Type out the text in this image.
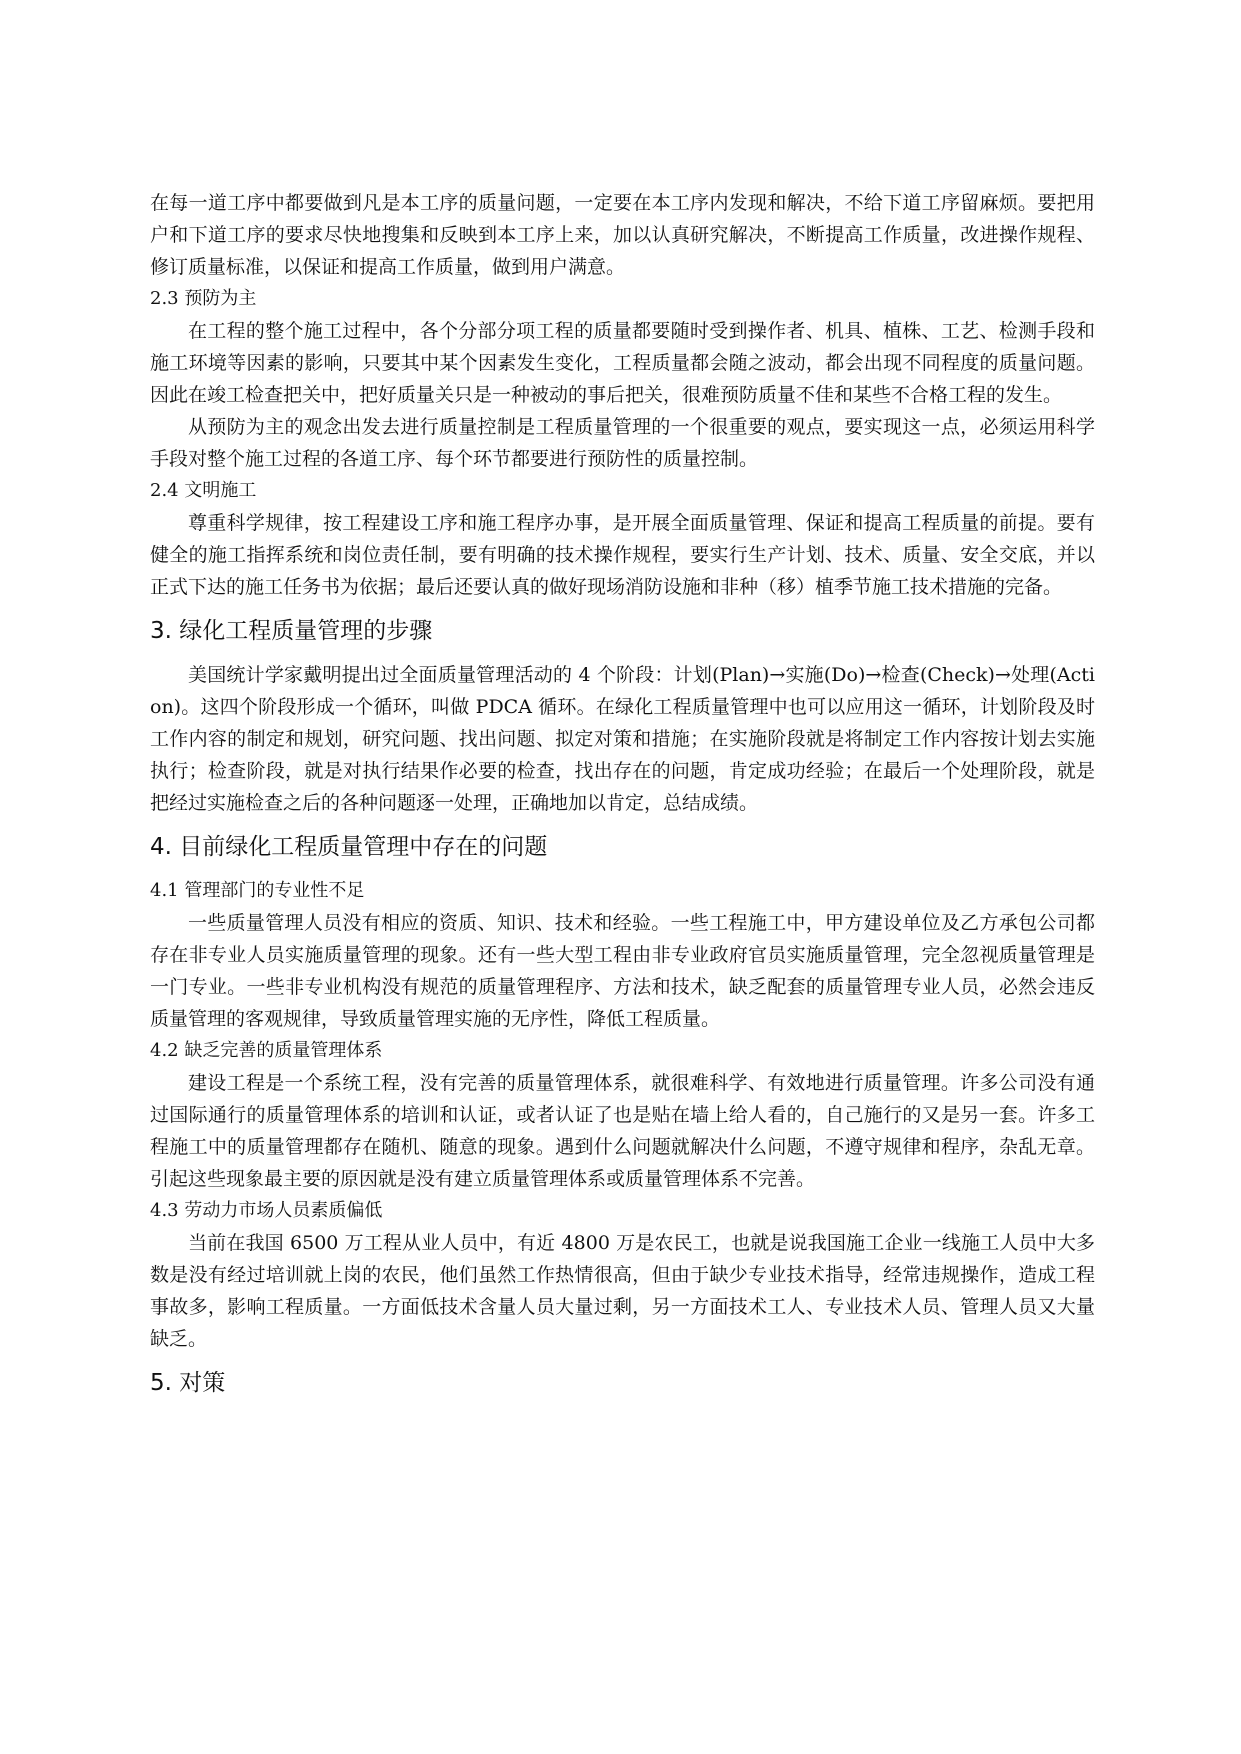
在每一道工序中都要做到凡是本工序的质量问题，一定要在本工序内发现和解决，不给下道工序留麻烦。要把用户和下道工序的要求尽快地搜集和反映到本工序上来，加以认真研究解决，不断提高工作质量，改进操作规程、修订质量标准，以保证和提高工作质量，做到用户满意。

2.3 预防为主

在工程的整个施工过程中，各个分部分项工程的质量都要随时受到操作者、机具、植株、工艺、检测手段和施工环境等因素的影响，只要其中某个因素发生变化，工程质量都会随之波动，都会出现不同程度的质量问题。因此在竣工检查把关中，把好质量关只是一种被动的事后把关，很难预防质量不佳和某些不合格工程的发生。

从预防为主的观念出发去进行质量控制是工程质量管理的一个很重要的观点，要实现这一点，必须运用科学手段对整个施工过程的各道工序、每个环节都要进行预防性的质量控制。

2.4 文明施工

尊重科学规律，按工程建设工序和施工程序办事，是开展全面质量管理、保证和提高工程质量的前提。要有健全的施工指挥系统和岗位责任制，要有明确的技术操作规程，要实行生产计划、技术、质量、安全交底，并以正式下达的施工任务书为依据；最后还要认真的做好现场消防设施和非种（移）植季节施工技术措施的完备。

3. 绿化工程质量管理的步骤

美国统计学家戴明提出过全面质量管理活动的 4 个阶段：计划(Plan)→实施(Do)→检查(Check)→处理(Action)。这四个阶段形成一个循环，叫做 PDCA 循环。在绿化工程质量管理中也可以应用这一循环，计划阶段及时工作内容的制定和规划，研究问题、找出问题、拟定对策和措施；在实施阶段就是将制定工作内容按计划去实施执行；检查阶段，就是对执行结果作必要的检查，找出存在的问题，肯定成功经验；在最后一个处理阶段，就是把经过实施检查之后的各种问题逐一处理，正确地加以肯定，总结成绩。

4. 目前绿化工程质量管理中存在的问题

4.1 管理部门的专业性不足

一些质量管理人员没有相应的资质、知识、技术和经验。一些工程施工中，甲方建设单位及乙方承包公司都存在非专业人员实施质量管理的现象。还有一些大型工程由非专业政府官员实施质量管理，完全忽视质量管理是一门专业。一些非专业机构没有规范的质量管理程序、方法和技术，缺乏配套的质量管理专业人员，必然会违反质量管理的客观规律，导致质量管理实施的无序性，降低工程质量。

4.2 缺乏完善的质量管理体系

建设工程是一个系统工程，没有完善的质量管理体系，就很难科学、有效地进行质量管理。许多公司没有通过国际通行的质量管理体系的培训和认证，或者认证了也是贴在墙上给人看的，自己施行的又是另一套。许多工程施工中的质量管理都存在随机、随意的现象。遇到什么问题就解决什么问题，不遵守规律和程序，杂乱无章。引起这些现象最主要的原因就是没有建立质量管理体系或质量管理体系不完善。

4.3 劳动力市场人员素质偏低

当前在我国 6500 万工程从业人员中，有近 4800 万是农民工，也就是说我国施工企业一线施工人员中大多数是没有经过培训就上岗的农民，他们虽然工作热情很高，但由于缺少专业技术指导，经常违规操作，造成工程事故多，影响工程质量。一方面低技术含量人员大量过剩，另一方面技术工人、专业技术人员、管理人员又大量缺乏。

5. 对策
